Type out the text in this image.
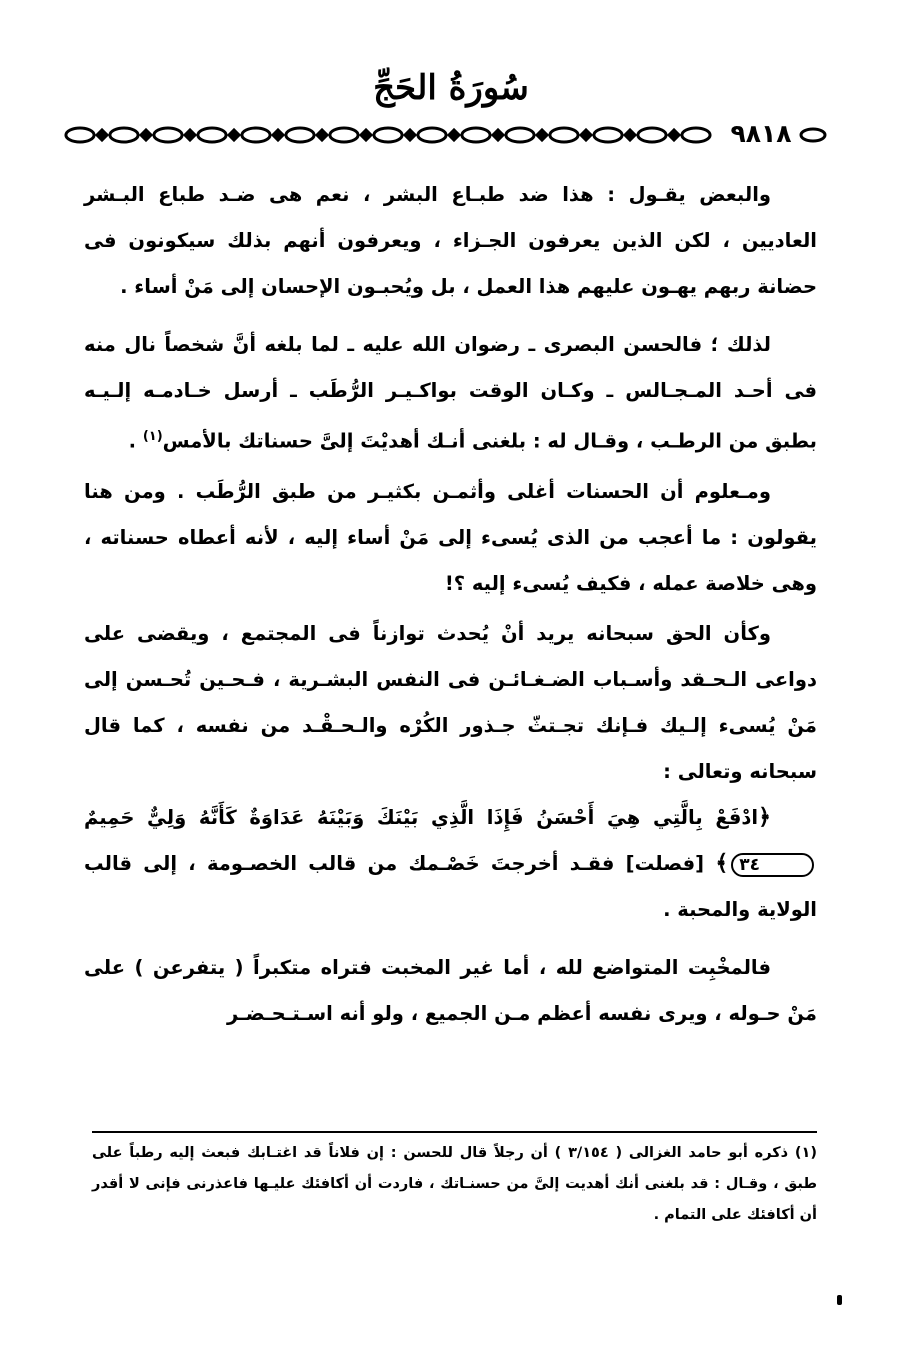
سُورَةُ الحَجِّ
٩٨١٨

والبعض يقـول : هذا ضد طبـاع البشر ، نعم هى ضـد طباع البـشر العاديين ، لكن الذين يعرفون الجـزاء ، ويعرفون أنهم بذلك سيكونون فى حضانة ربهم يهـون عليهم هذا العمل ، بل ويُحبـون الإحسان إلى مَنْ أساء .

لذلك ؛ فالحسن البصرى ـ رضوان الله عليه ـ لما بلغه أنَّ شخصاً نال منه فى أحـد المـجـالس ـ وكـان الوقت بواكـيـر الرُّطَب ـ أرسل خـادمـه إلـيـه بطبق من الرطـب ، وقـال له : بلغنى أنـك أهديْتَ إلىَّ حسناتك بالأمس$^{(١)}$ .

ومـعلوم أن الحسنات أغلى وأثمـن بكثيـر من طبق الرُّطَب . ومن هنا يقولون : ما أعجب من الذى يُسىء إلى مَنْ أساء إليه ، لأنه أعطاه حسناته ، وهى خلاصة عمله ، فكيف يُسىء إليه ؟!

وكأن الحق سبحانه يريد أنْ يُحدث توازناً فى المجتمع ، ويقضى على دواعى الـحـقد وأسـباب الضـغـائـن فى النفس البشـرية ، فـحـين تُحـسن إلى مَنْ يُسىء إلـيك فـإنك تجـتثّ جـذور الكُرْه والـحـقْـد من نفسه ، كما قال سبحانه وتعالى :

﴿ادْفَعْ بِالَّتِي هِيَ أَحْسَنُ فَإِذَا الَّذِي بَيْنَكَ وَبَيْنَهُ عَدَاوَةٌ كَأَنَّهُ وَلِيٌّ حَمِيمٌ٣٤﴾ [فصلت] فقـد أخرجتَ خَصْـمك من قالب الخصـومة ، إلى قالب الولاية والمحبة .

فالمخْبِت المتواضع لله ، أما غير المخبت فتراه متكبراً ( يتفرعن ) على مَنْ حـوله ، ويرى نفسه أعظم مـن الجميع ، ولو أنه اسـتـحـضـر

(١) ذكره أبو حامد الغزالى ( ٣/١٥٤ ) أن رجلاً قال للحسن : إن فلاناً قد اغتـابك فبعث إليه رطباً على طبق ، وقـال : قد بلغنى أنك أهديت إلىَّ من حسنـاتك ، فاردت أن أكافئك عليـها فاعذرنى فإنى لا أقدر أن أكافئك على التمام .
